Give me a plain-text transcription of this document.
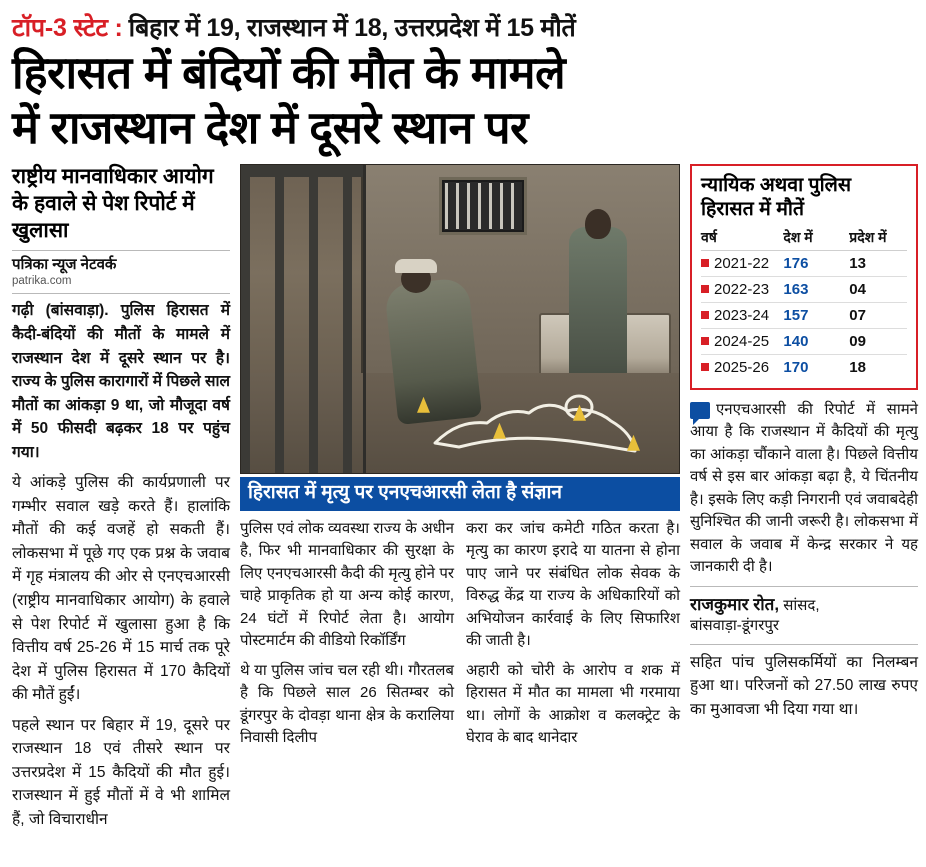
टॉप-3 स्टेट : बिहार में 19, राजस्थान में 18, उत्तरप्रदेश में 15 मौतें
हिरासत में बंदियों की मौत के मामले
में राजस्थान देश में दूसरे स्थान पर
राष्ट्रीय मानवाधिकार आयोग के हवाले से पेश रिपोर्ट में खुलासा
पत्रिका न्यूज नेटवर्क
patrika.com

गढ़ी (बांसवाड़ा). पुलिस हिरासत में कैदी-बंदियों की मौतों के मामले में राजस्थान देश में दूसरे स्थान पर है। राज्य के पुलिस कारागारों में पिछले साल मौतों का आंकड़ा 9 था, जो मौजूदा वर्ष में 50 फीसदी बढ़कर 18 पर पहुंच गया।

ये आंकड़े पुलिस की कार्यप्रणाली पर गम्भीर सवाल खड़े करते हैं। हालांकि मौतों की कई वजहें हो सकती हैं। लोकसभा में पूछे गए एक प्रश्न के जवाब में गृह मंत्रालय की ओर से एनएचआरसी (राष्ट्रीय मानवाधिकार आयोग) के हवाले से पेश रिपोर्ट में खुलासा हुआ है कि वित्तीय वर्ष 25-26 में 15 मार्च तक पूरे देश में पुलिस हिरासत में 170 कैदियों की मौतें हुईं।

पहले स्थान पर बिहार में 19, दूसरे पर राजस्थान 18 एवं तीसरे स्थान पर उत्तरप्रदेश में 15 कैदियों की मौत हुई। राजस्थान में हुई मौतों में वे भी शामिल हैं, जो विचाराधीन

हिरासत में मृत्यु पर एनएचआरसी लेता है संज्ञान

पुलिस एवं लोक व्यवस्था राज्य के अधीन है, फिर भी मानवाधिकार की सुरक्षा के लिए एनएचआरसी कैदी की मृत्यु होने पर चाहे प्राकृतिक हो या अन्य कोई कारण, 24 घंटों में रिपोर्ट लेता है। आयोग पोस्टमार्टम की वीडियो रिकॉर्डिंग

थे या पुलिस जांच चल रही थी। गौरतलब है कि पिछले साल 26 सितम्बर को डूंगरपुर के दोवड़ा थाना क्षेत्र के करालिया निवासी दिलीप

करा कर जांच कमेटी गठित करता है। मृत्यु का कारण इरादे या यातना से होना पाए जाने पर संबंधित लोक सेवक के विरुद्ध केंद्र या राज्य के अधिकारियों को अभियोजन कार्रवाई के लिए सिफारिश की जाती है।

अहारी को चोरी के आरोप व शक में हिरासत में मौत का मामला भी गरमाया था। लोगों के आक्रोश व कलक्ट्रेट के घेराव के बाद थानेदार

न्यायिक अथवा पुलिस हिरासत में मौतें
वर्ष	देश में	प्रदेश में
2021-22	176	13
2022-23	163	04
2023-24	157	07
2024-25	140	09
2025-26	170	18
एनएचआरसी की रिपोर्ट में सामने आया है कि राजस्थान में कैदियों की मृत्यु का आंकड़ा चौंकाने वाला है। पिछले वित्तीय वर्ष से इस बार आंकड़ा बढ़ा है, ये चिंतनीय है। इसके लिए कड़ी निगरानी एवं जवाबदेही सुनिश्चित की जानी जरूरी है। लोकसभा में सवाल के जवाब में केन्द्र सरकार ने यह जानकारी दी है।
राजकुमार रोत, सांसद,
बांसवाड़ा-डूंगरपुर

सहित पांच पुलिसकर्मियों का निलम्बन हुआ था। परिजनों को 27.50 लाख रुपए का मुआवजा भी दिया गया था।
